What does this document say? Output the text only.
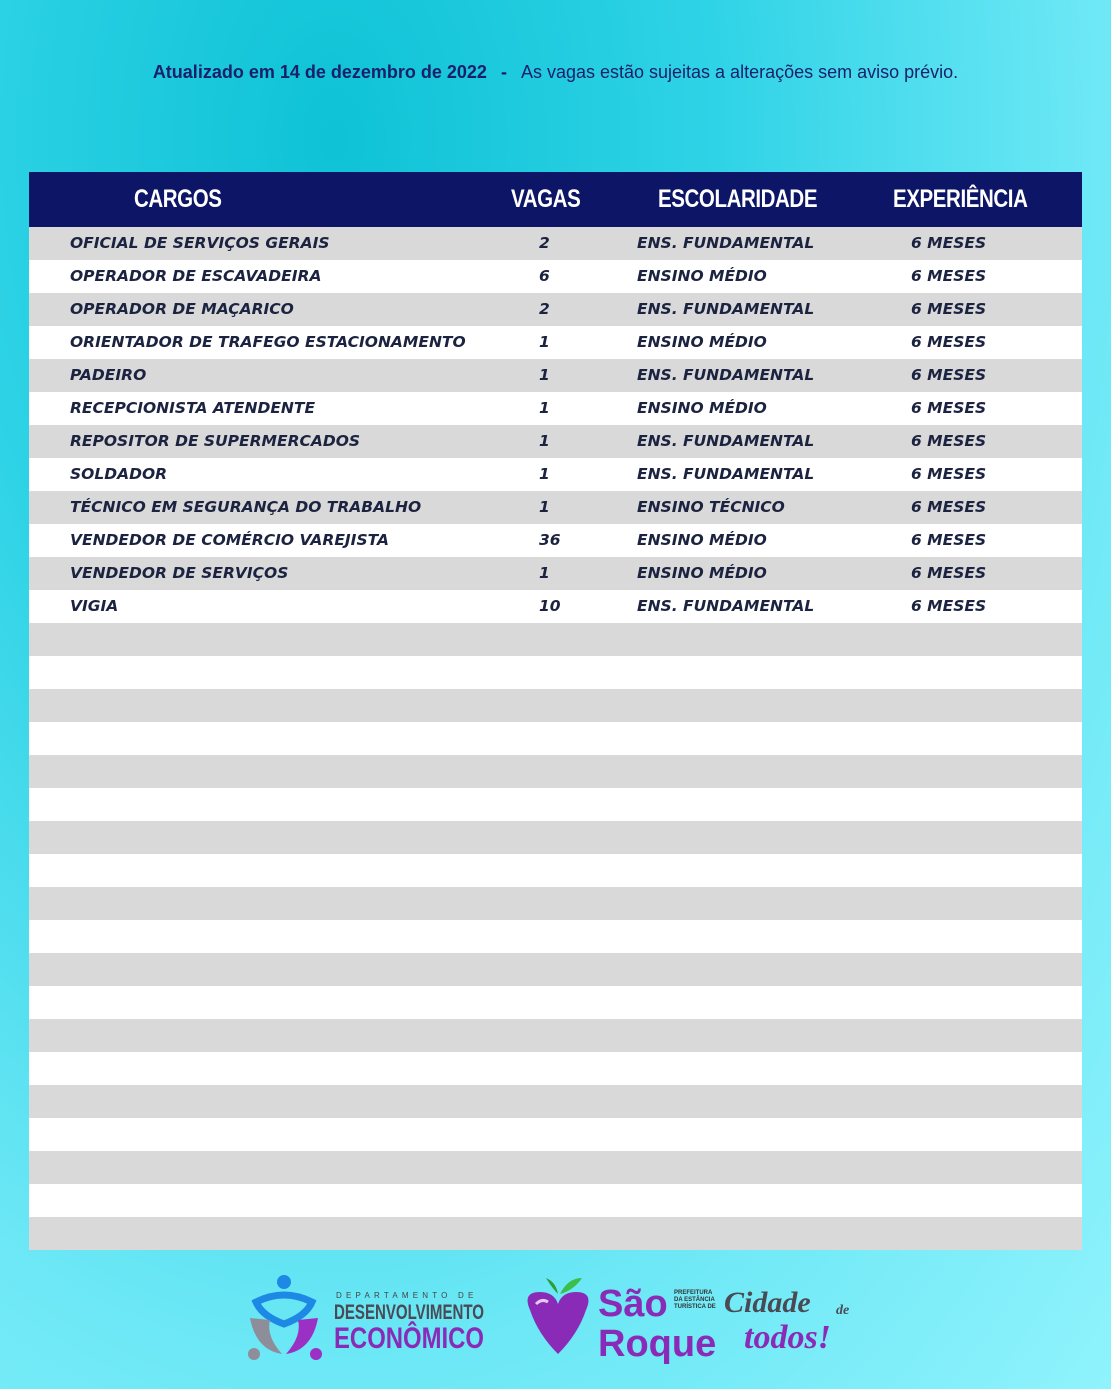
Atualizado em 14 de dezembro de 2022 - As vagas estão sujeitas a alterações sem aviso prévio.
CARGOS	VAGAS	ESCOLARIDADE	EXPERIÊNCIA
OFICIAL DE SERVIÇOS GERAIS	2	ENS. FUNDAMENTAL	6 MESES
OPERADOR DE ESCAVADEIRA	6	ENSINO MÉDIO	6 MESES
OPERADOR DE MAÇARICO	2	ENS. FUNDAMENTAL	6 MESES
ORIENTADOR DE TRAFEGO ESTACIONAMENTO	1	ENSINO MÉDIO	6 MESES
PADEIRO	1	ENS. FUNDAMENTAL	6 MESES
RECEPCIONISTA ATENDENTE	1	ENSINO MÉDIO	6 MESES
REPOSITOR DE SUPERMERCADOS	1	ENS. FUNDAMENTAL	6 MESES
SOLDADOR	1	ENS. FUNDAMENTAL	6 MESES
TÉCNICO EM SEGURANÇA DO TRABALHO	1	ENSINO TÉCNICO	6 MESES
VENDEDOR DE COMÉRCIO VAREJISTA	36	ENSINO MÉDIO	6 MESES
VENDEDOR DE SERVIÇOS	1	ENSINO MÉDIO	6 MESES
VIGIA	10	ENS. FUNDAMENTAL	6 MESES
DEPARTAMENTO DE
DESENVOLVIMENTO
ECONÔMICO
São
Roque
PREFEITURA
DA ESTÂNCIA
TURÍSTICA DE Cidade de
todos!
